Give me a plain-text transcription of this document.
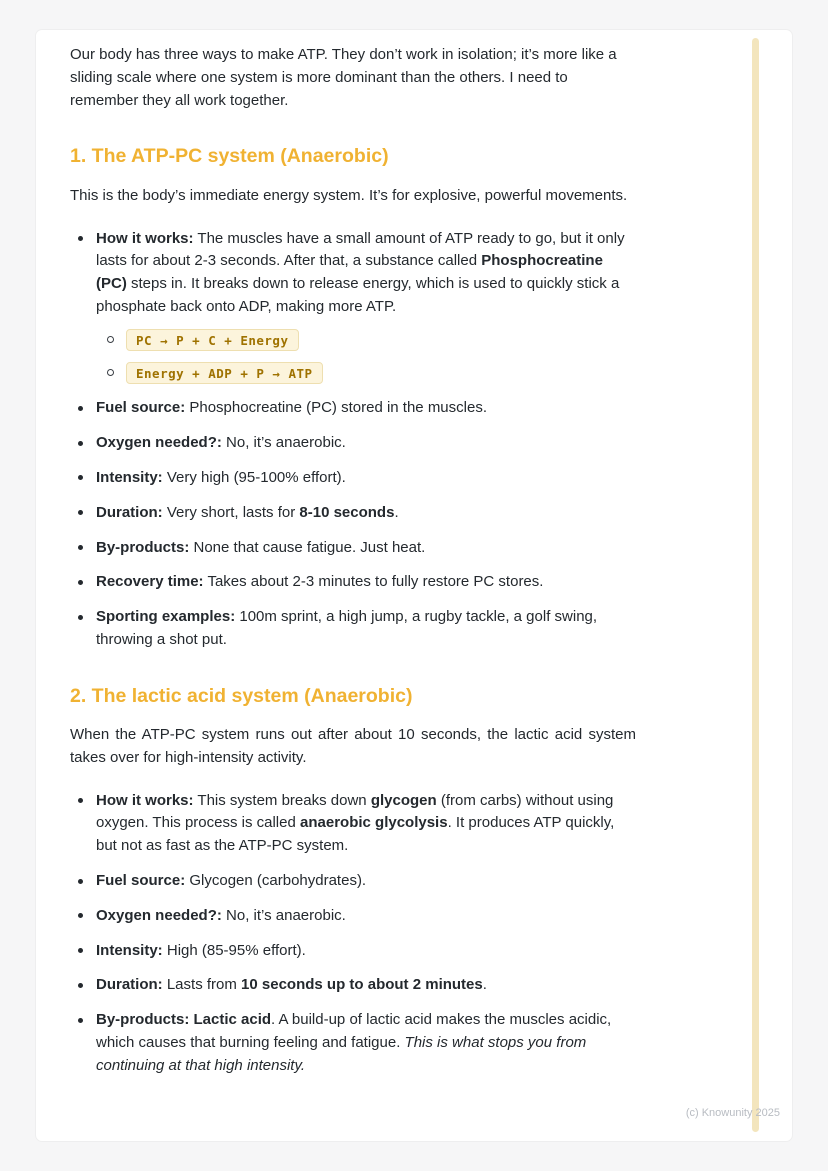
Our body has three ways to make ATP. They don’t work in isolation; it’s more like a sliding scale where one system is more dominant than the others. I need to remember they all work together.

1. The ATP-PC system (Anaerobic)

This is the body’s immediate energy system. It’s for explosive, powerful movements.

How it works: The muscles have a small amount of ATP ready to go, but it only lasts for about 2-3 seconds. After that, a substance called Phosphocreatine (PC) steps in. It breaks down to release energy, which is used to quickly stick a phosphate back onto ADP, making more ATP.
PC → P + C + Energy
Energy + ADP + P → ATP
Fuel source: Phosphocreatine (PC) stored in the muscles.
Oxygen needed?: No, it’s anaerobic.
Intensity: Very high (95-100% effort).
Duration: Very short, lasts for 8-10 seconds.
By-products: None that cause fatigue. Just heat.
Recovery time: Takes about 2-3 minutes to fully restore PC stores.
Sporting examples: 100m sprint, a high jump, a rugby tackle, a golf swing, throwing a shot put.
2. The lactic acid system (Anaerobic)

When the ATP-PC system runs out after about 10 seconds, the lactic acid system takes over for high-intensity activity.

How it works: This system breaks down glycogen (from carbs) without using oxygen. This process is called anaerobic glycolysis. It produces ATP quickly, but not as fast as the ATP-PC system.
Fuel source: Glycogen (carbohydrates).
Oxygen needed?: No, it’s anaerobic.
Intensity: High (85-95% effort).
Duration: Lasts from 10 seconds up to about 2 minutes.
By-products: Lactic acid. A build-up of lactic acid makes the muscles acidic, which causes that burning feeling and fatigue. This is what stops you from continuing at that high intensity.
(c) Knowunity 2025
